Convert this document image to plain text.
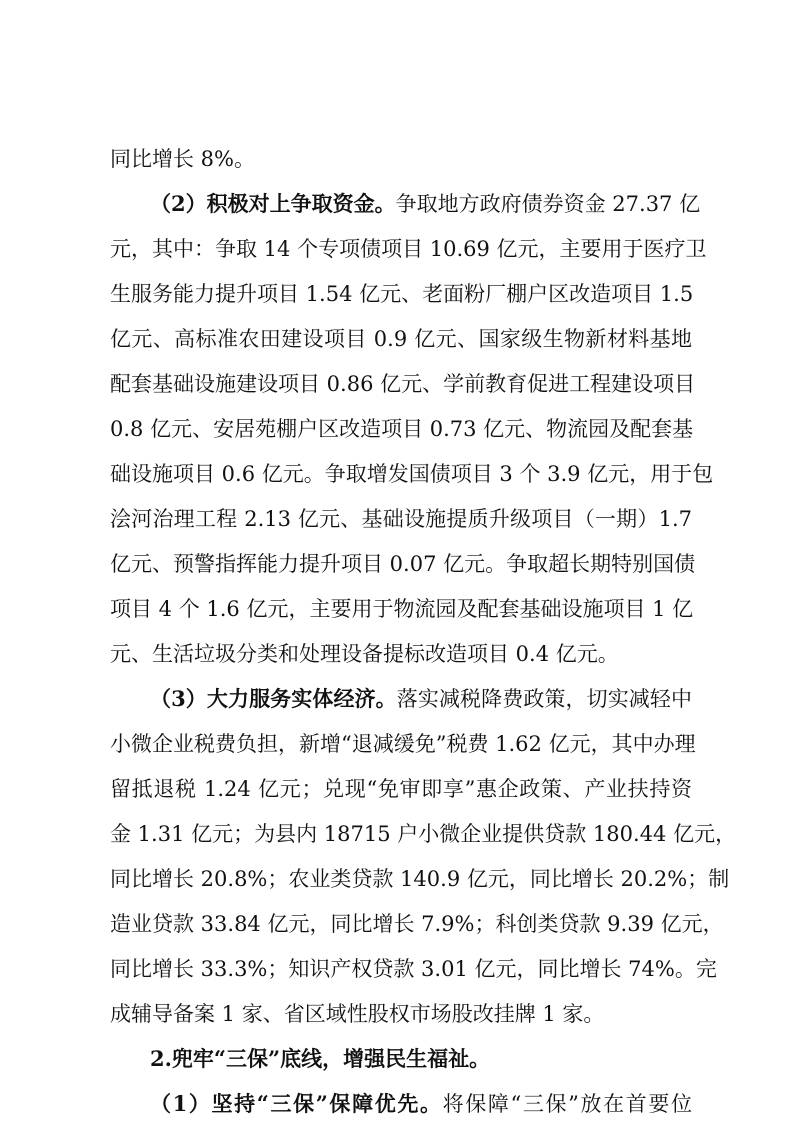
同比增长 8%。
（2）积极对上争取资金。争取地方政府债券资金 27.37 亿
元，其中：争取 14 个专项债项目 10.69 亿元，主要用于医疗卫
生服务能力提升项目 1.54 亿元、老面粉厂棚户区改造项目 1.5
亿元、高标准农田建设项目 0.9 亿元、国家级生物新材料基地
配套基础设施建设项目 0.86 亿元、学前教育促进工程建设项目
0.8 亿元、安居苑棚户区改造项目 0.73 亿元、物流园及配套基
础设施项目 0.6 亿元。争取增发国债项目 3 个 3.9 亿元，用于包
浍河治理工程 2.13 亿元、基础设施提质升级项目（一期）1.7
亿元、预警指挥能力提升项目 0.07 亿元。争取超长期特别国债
项目 4 个 1.6 亿元，主要用于物流园及配套基础设施项目 1 亿
元、生活垃圾分类和处理设备提标改造项目 0.4 亿元。
（3）大力服务实体经济。落实减税降费政策，切实减轻中
小微企业税费负担，新增“退减缓免”税费 1.62 亿元，其中办理
留抵退税 1.24 亿元；兑现“免审即享”惠企政策、产业扶持资
金 1.31 亿元；为县内 18715 户小微企业提供贷款 180.44 亿元，
同比增长 20.8%；农业类贷款 140.9 亿元，同比增长 20.2%；制
造业贷款 33.84 亿元，同比增长 7.9%；科创类贷款 9.39 亿元，
同比增长 33.3%；知识产权贷款 3.01 亿元，同比增长 74%。完
成辅导备案 1 家、省区域性股权市场股改挂牌 1 家。
2.兜牢“三保”底线，增强民生福祉。
（1）坚持“三保”保障优先。将保障“三保”放在首要位
